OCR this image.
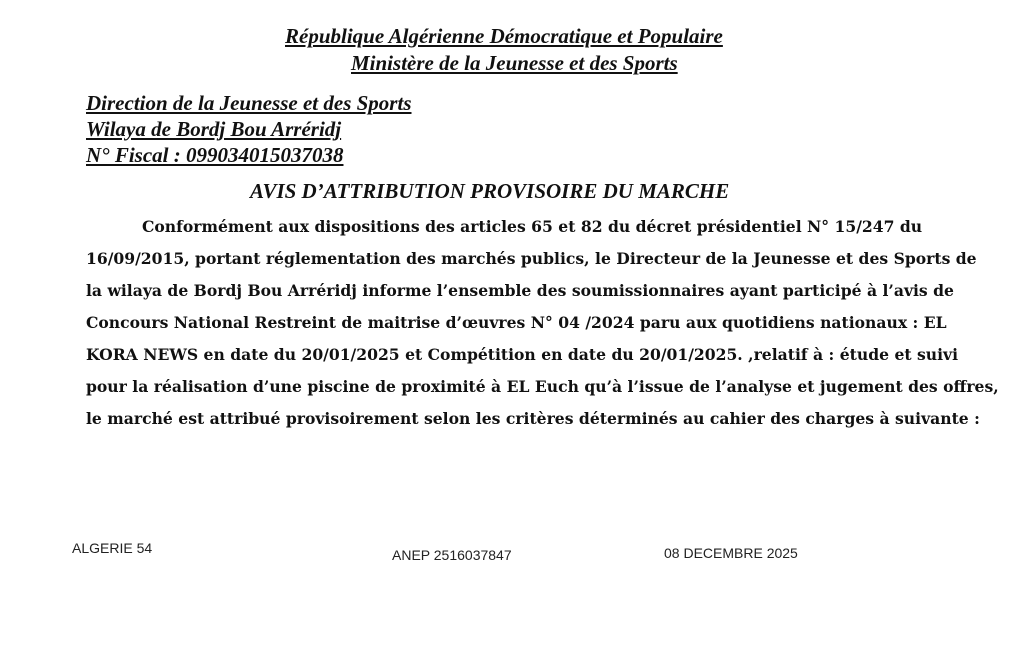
République Algérienne Démocratique et Populaire
Ministère de la Jeunesse et des Sports
Direction de la Jeunesse et des Sports
Wilaya de Bordj Bou Arréridj
N° Fiscal : 099034015037038
AVIS D’ATTRIBUTION PROVISOIRE DU MARCHE
Conformément aux dispositions des articles 65 et 82 du décret présidentiel N° 15/247 du
16/09/2015, portant réglementation des marchés publics, le Directeur de la Jeunesse et des Sports de
la wilaya de Bordj Bou Arréridj informe l’ensemble des soumissionnaires ayant participé à l’avis de
Concours National Restreint de maitrise d’œuvres N° 04 /2024 paru aux quotidiens nationaux : EL
KORA NEWS en date du 20/01/2025 et Compétition en date du 20/01/2025. ,relatif à : étude et suivi
pour la réalisation d’une piscine de proximité à EL Euch qu’à l’issue de l’analyse et jugement des offres,
le marché est attribué provisoirement selon les critères déterminés au cahier des charges à suivante :
ALGERIE 54	ANEP 2516037847	08 DECEMBRE 2025
